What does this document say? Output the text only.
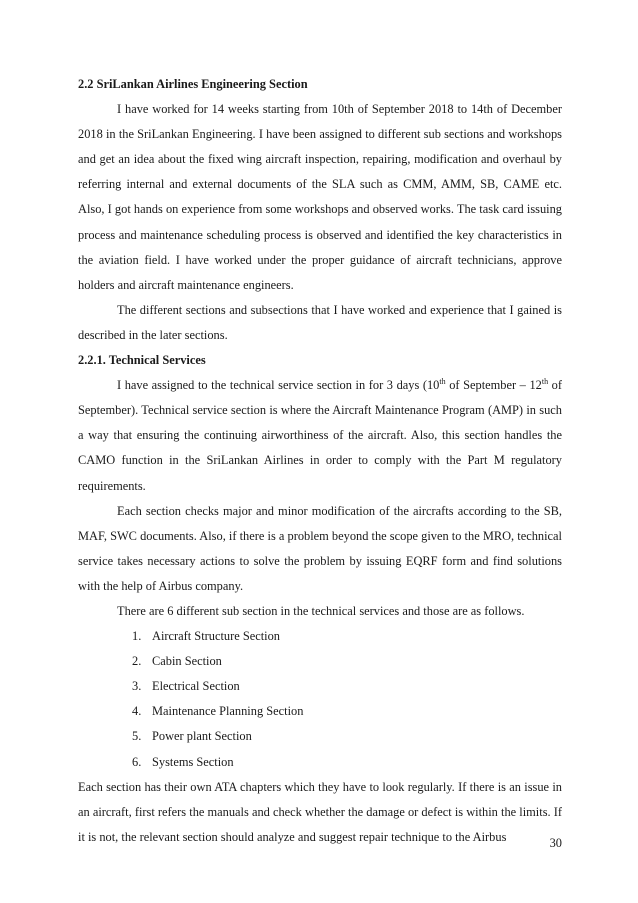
2.2 SriLankan Airlines Engineering Section

I have worked for 14 weeks starting from 10th of September 2018 to 14th of December 2018 in the SriLankan Engineering. I have been assigned to different sub sections and workshops and get an idea about the fixed wing aircraft inspection, repairing, modification and overhaul by referring internal and external documents of the SLA such as CMM, AMM, SB, CAME etc. Also, I got hands on experience from some workshops and observed works. The task card issuing process and maintenance scheduling process is observed and identified the key characteristics in the aviation field. I have worked under the proper guidance of aircraft technicians, approve holders and aircraft maintenance engineers.

The different sections and subsections that I have worked and experience that I gained is described in the later sections.

2.2.1. Technical Services

I have assigned to the technical service section in for 3 days (10th of September – 12th of September). Technical service section is where the Aircraft Maintenance Program (AMP) in such a way that ensuring the continuing airworthiness of the aircraft. Also, this section handles the CAMO function in the SriLankan Airlines in order to comply with the Part M regulatory requirements.

Each section checks major and minor modification of the aircrafts according to the SB, MAF, SWC documents. Also, if there is a problem beyond the scope given to the MRO, technical service takes necessary actions to solve the problem by issuing EQRF form and find solutions with the help of Airbus company.

There are 6 different sub section in the technical services and those are as follows.

1. Aircraft Structure Section
2. Cabin Section
3. Electrical Section
4. Maintenance Planning Section
5. Power plant Section
6. Systems Section

Each section has their own ATA chapters which they have to look regularly. If there is an issue in an aircraft, first refers the manuals and check whether the damage or defect is within the limits. If it is not, the relevant section should analyze and suggest repair technique to the Airbus	30
